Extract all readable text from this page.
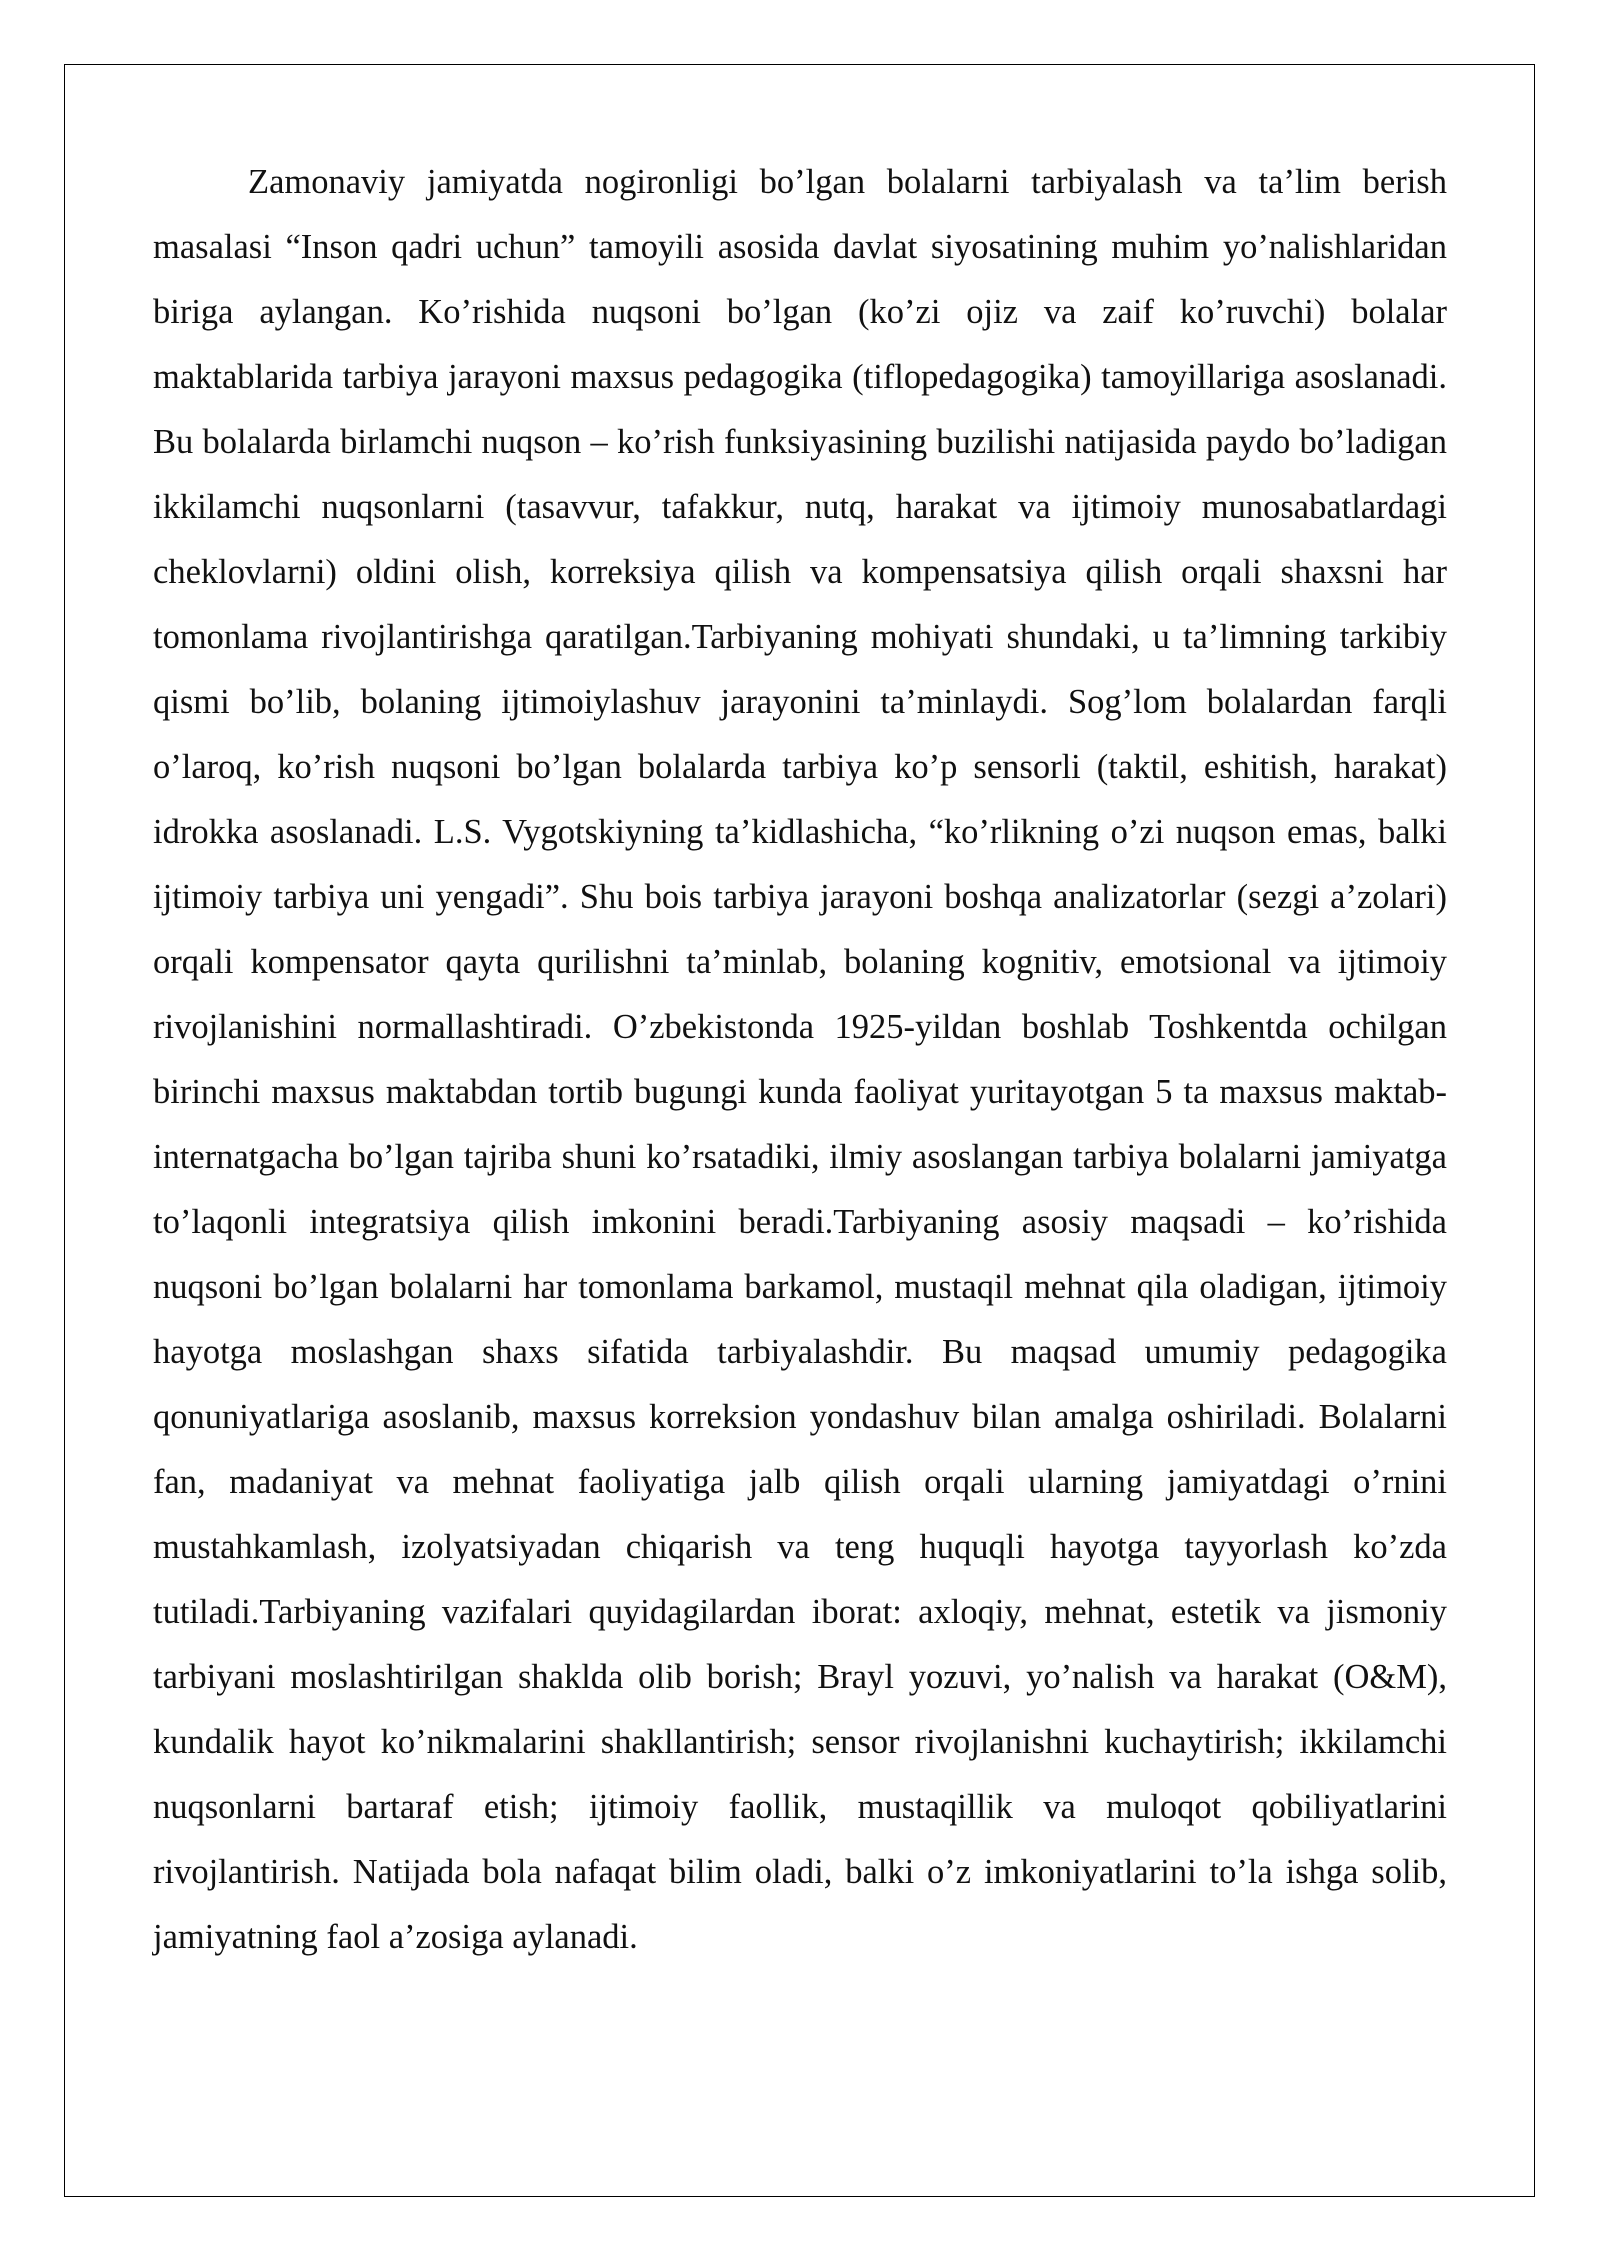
Zamonaviy jamiyatda nogironligi bo’lgan bolalarni tarbiyalash va ta’lim berish masalasi “Inson qadri uchun” tamoyili asosida davlat siyosatining muhim yo’nalishlaridan biriga aylangan. Ko’rishida nuqsoni bo’lgan (ko’zi ojiz va zaif ko’ruvchi) bolalar maktablarida tarbiya jarayoni maxsus pedagogika (tiflopedagogika) tamoyillariga asoslanadi. Bu bolalarda birlamchi nuqson – ko’rish funksiyasining buzilishi natijasida paydo bo’ladigan ikkilamchi nuqsonlarni (tasavvur, tafakkur, nutq, harakat va ijtimoiy munosabatlardagi cheklovlarni) oldini olish, korreksiya qilish va kompensatsiya qilish orqali shaxsni har tomonlama rivojlantirishga qaratilgan.Tarbiyaning mohiyati shundaki, u ta’limning tarkibiy qismi bo’lib, bolaning ijtimoiylashuv jarayonini ta’minlaydi. Sog’lom bolalardan farqli o’laroq, ko’rish nuqsoni bo’lgan bolalarda tarbiya ko’p sensorli (taktil, eshitish, harakat) idrokka asoslanadi. L.S. Vygotskiyning ta’kidlashicha, “ko’rlikning o’zi nuqson emas, balki ijtimoiy tarbiya uni yengadi”. Shu bois tarbiya jarayoni boshqa analizatorlar (sezgi a’zolari) orqali kompensator qayta qurilishni ta’minlab, bolaning kognitiv, emotsional va ijtimoiy rivojlanishini normallashtiradi. O’zbekistonda 1925-yildan boshlab Toshkentda ochilgan birinchi maxsus maktabdan tortib bugungi kunda faoliyat yuritayotgan 5 ta maxsus maktab-internatgacha bo’lgan tajriba shuni ko’rsatadiki, ilmiy asoslangan tarbiya bolalarni jamiyatga to’laqonli integratsiya qilish imkonini beradi.Tarbiyaning asosiy maqsadi – ko’rishida nuqsoni bo’lgan bolalarni har tomonlama barkamol, mustaqil mehnat qila oladigan, ijtimoiy hayotga moslashgan shaxs sifatida tarbiyalashdir. Bu maqsad umumiy pedagogika qonuniyatlariga asoslanib, maxsus korreksion yondashuv bilan amalga oshiriladi. Bolalarni fan, madaniyat va mehnat faoliyatiga jalb qilish orqali ularning jamiyatdagi o’rnini mustahkamlash, izolyatsiyadan chiqarish va teng huquqli hayotga tayyorlash ko’zda tutiladi.Tarbiyaning vazifalari quyidagilardan iborat: axloqiy, mehnat, estetik va jismoniy tarbiyani moslashtirilgan shaklda olib borish; Brayl yozuvi, yo’nalish va harakat (O&M), kundalik hayot ko’nikmalarini shakllantirish; sensor rivojlanishni kuchaytirish; ikkilamchi nuqsonlarni bartaraf etish; ijtimoiy faollik, mustaqillik va muloqot qobiliyatlarini rivojlantirish. Natijada bola nafaqat bilim oladi, balki o’z imkoniyatlarini to’la ishga solib, jamiyatning faol a’zosiga aylanadi.
